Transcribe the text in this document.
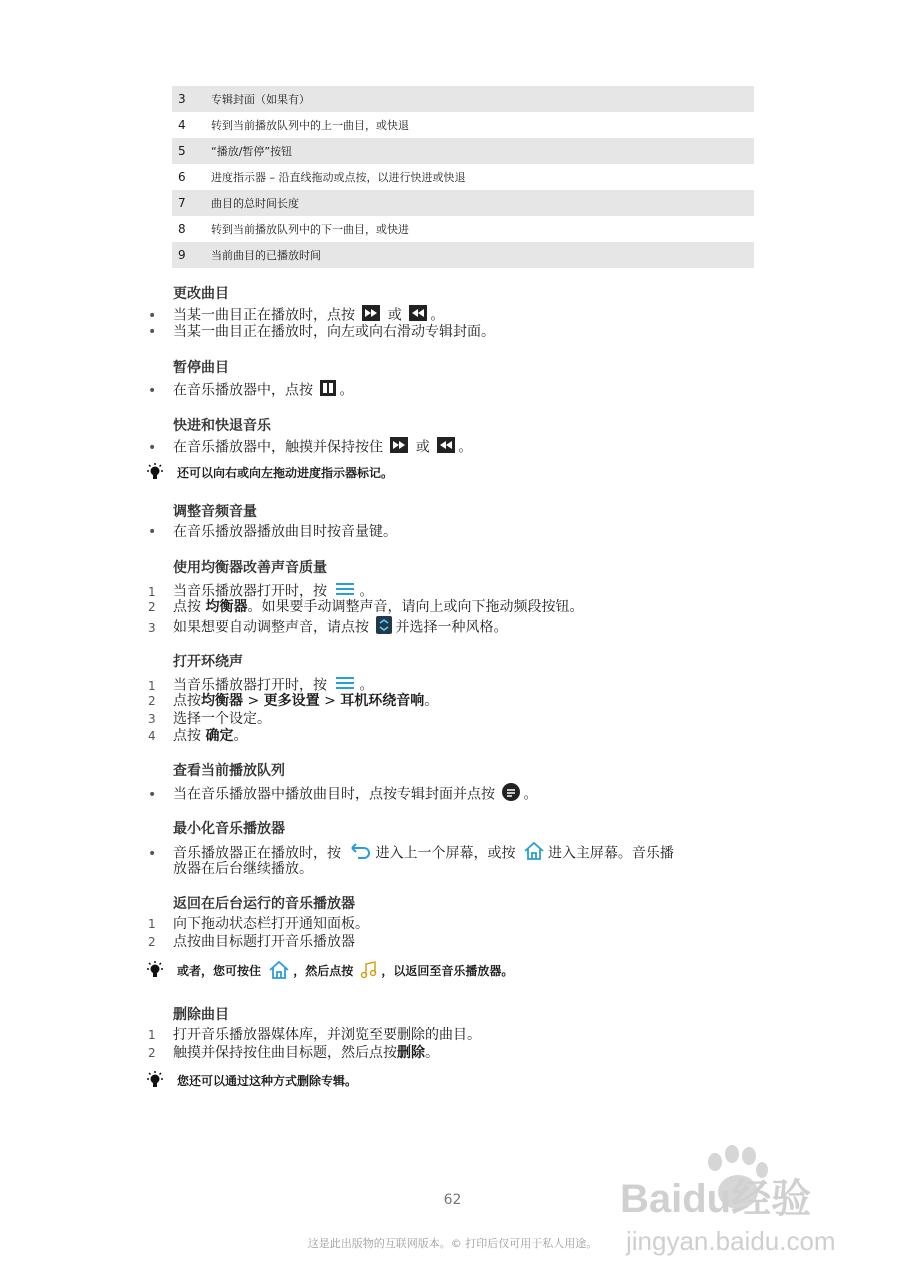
3	专辑封面（如果有）
4	转到当前播放队列中的上一曲目，或快退
5	“播放/暂停”按钮
6	进度指示器 – 沿直线拖动或点按，以进行快进或快退
7	曲目的总时间长度
8	转到当前播放队列中的下一曲目，或快进
9	当前曲目的已播放时间
更改曲目
• 当某一曲目正在播放时，点按 或 。
• 当某一曲目正在播放时，向左或向右滑动专辑封面。
暂停曲目
• 在音乐播放器中，点按 。
快进和快退音乐
• 在音乐播放器中，触摸并保持按住 或 。
还可以向右或向左拖动进度指示器标记。
调整音频音量
• 在音乐播放器播放曲目时按音量键。
使用均衡器改善声音质量
1 当音乐播放器打开时，按 。
2 点按 均衡器。如果要手动调整声音，请向上或向下拖动频段按钮。
3 如果想要自动调整声音，请点按 并选择一种风格。
打开环绕声
1 当音乐播放器打开时，按 。
2 点按均衡器 > 更多设置 > 耳机环绕音响。
3 选择一个设定。
4 点按 确定。
查看当前播放队列
• 当在音乐播放器中播放曲目时，点按专辑封面并点按 。
最小化音乐播放器
• 音乐播放器正在播放时，按 进入上一个屏幕，或按 进入主屏幕。音乐播
放器在后台继续播放。
返回在后台运行的音乐播放器
1 向下拖动状态栏打开通知面板。
2 点按曲目标题打开音乐播放器
或者，您可按住	，然后点按 ，以返回至音乐播放器。
删除曲目
1 打开音乐播放器媒体库，并浏览至要删除的曲目。
2 触摸并保持按住曲目标题，然后点按删除。
您还可以通过这种方式删除专辑。
Baidu经验
jingyan.baidu.com
62
这是此出版物的互联网版本。© 打印后仅可用于私人用途。
